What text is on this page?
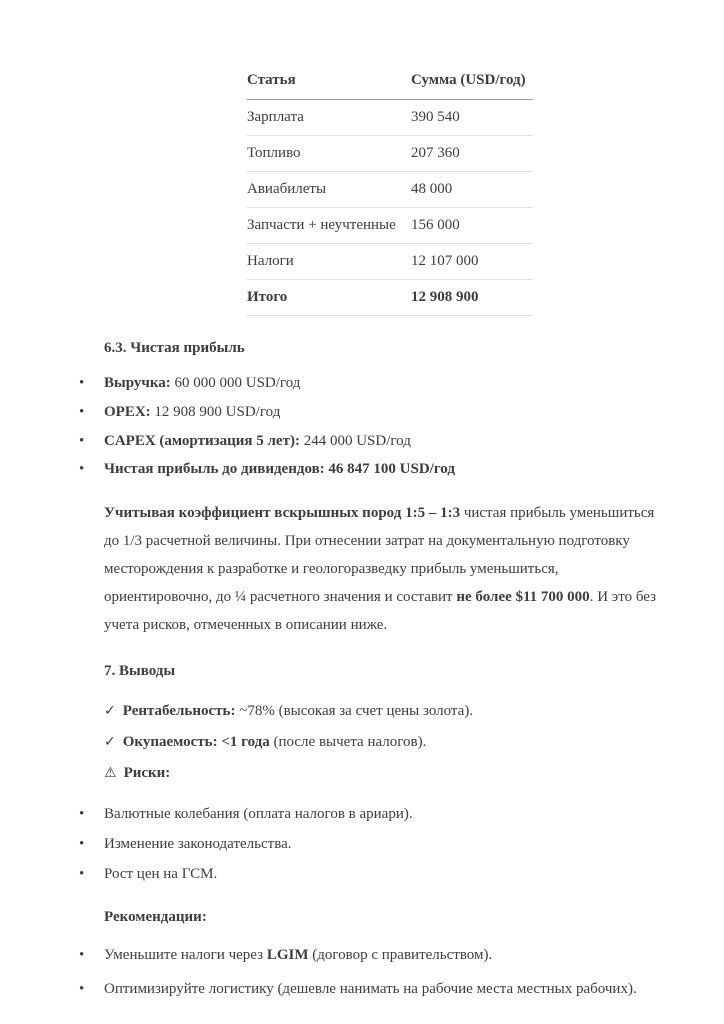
Статья	Сумма (USD/год)
Зарплата	390 540
Топливо	207 360
Авиабилеты	48 000
Запчасти + неучтенные	156 000
Налоги	12 107 000
Итого	12 908 900
6.3. Чистая прибыль
• Выручка: 60 000 000 USD/год
• OPEX: 12 908 900 USD/год
• CAPEX (амортизация 5 лет): 244 000 USD/год
• Чистая прибыль до дивидендов: 46 847 100 USD/год

Учитывая коэффициент вскрышных пород 1:5 – 1:3 чистая прибыль уменьшиться до 1/3 расчетной величины. При отнесении затрат на документальную подготовку месторождения к разработке и геологоразведку прибыль уменьшиться, ориентировочно, до ¼ расчетного значения и составит не более $11 700 000. И это без учета рисков, отмеченных в описании ниже.

7. Выводы
✓ Рентабельность: ~78% (высокая за счет цены золота).
✓ Окупаемость: <1 года (после вычета налогов).
⚠ Риски:
• Валютные колебания (оплата налогов в ариари).
• Изменение законодательства.
• Рост цен на ГСМ.
Рекомендации:
• Уменьшите налоги через LGIM (договор с правительством).
• Оптимизируйте логистику (дешевле нанимать на рабочие места местных рабочих).
